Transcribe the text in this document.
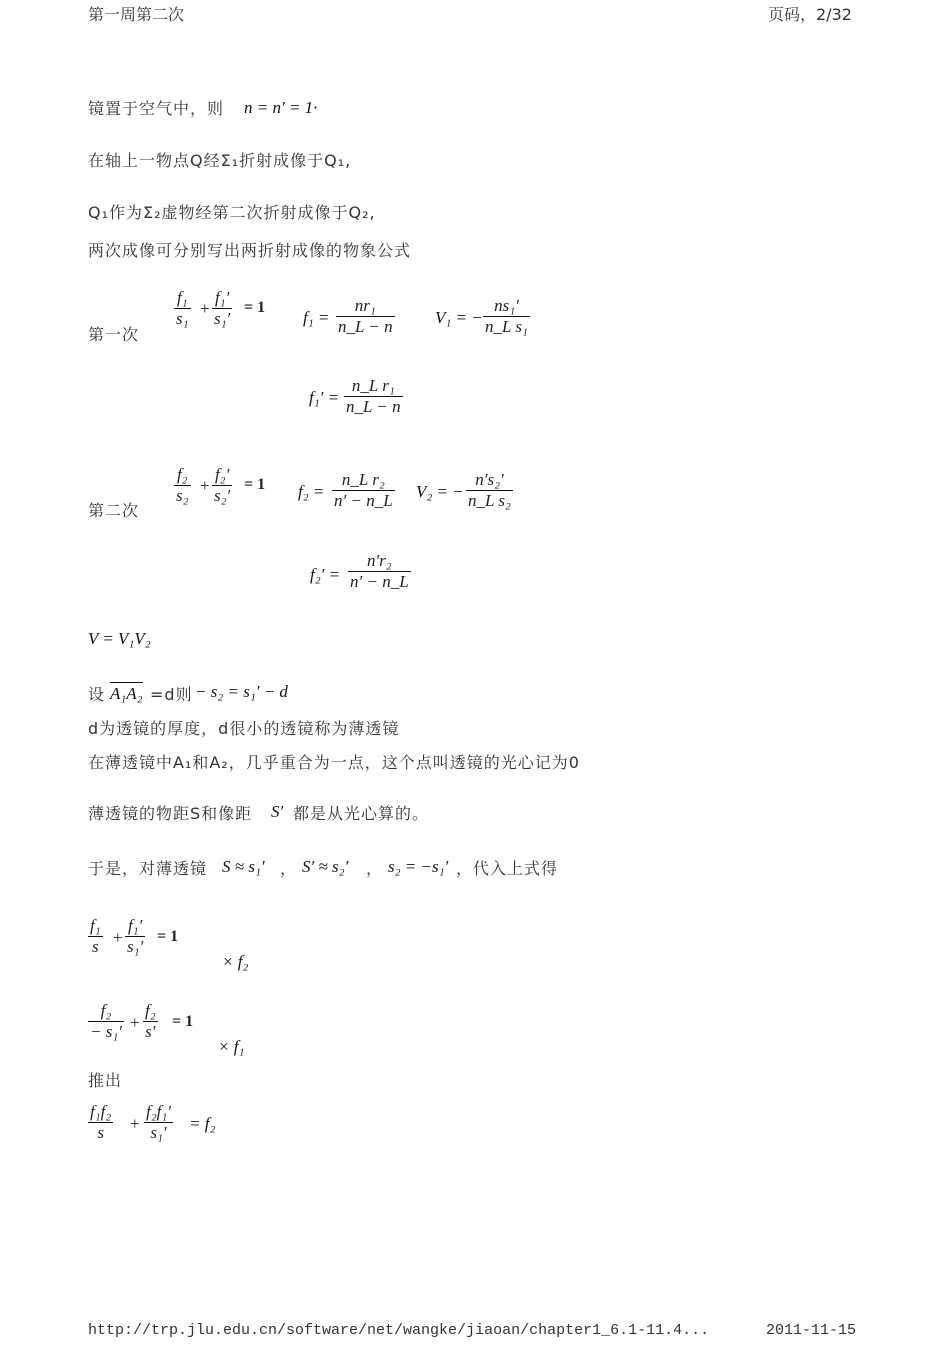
第一周第二次	页码，2/32
镜置于空气中，则 n = n′ = 1·
在轴上一物点Q经Σ₁折射成像于Q₁,
Q₁作为Σ₂虚物经第二次折射成像于Q₂,
两次成像可分别写出两折射成像的物象公式
第一次
f₁
s₁
+
f₁′
s₁′
= 1
f₁ =
nr₁
n_L − n V₁ = −
ns₁′
n_L s₁
f₁′ =
n_L r₁
n_L − n
第二次
f₂
s₂
+
f₂′
s₂′
= 1 f₂ =
n_L r₂
n′ − n_L V₂ = −
n′s₂′
n_L s₂
f₂′ =
n′r₂
n′ − n_L
V = V₁V₂
设 A₁A₂ =d则 − s₂ = s₁′ − d
d为透镜的厚度，d很小的透镜称为薄透镜
在薄透镜中A₁和A₂，几乎重合为一点，这个点叫透镜的光心记为0
薄透镜的物距S和像距 S′ 都是从光心算的。
于是，对薄透镜 S ≈ s₁′ ， S′ ≈ s₂′ ， s₂ = −s₁′ ，代入上式得
f₁
s +
f₁′
s₁′
= 1
× f₂
f₂
− s₁′ +
f₂
s′
= 1
× f₁
推出
f₁f₂
s	+
f₂f₁′
s₁′	= f₂
http://trp.jlu.edu.cn/software/net/wangke/jiaoan/chapter1_6.1-11.4...	2011-11-15
